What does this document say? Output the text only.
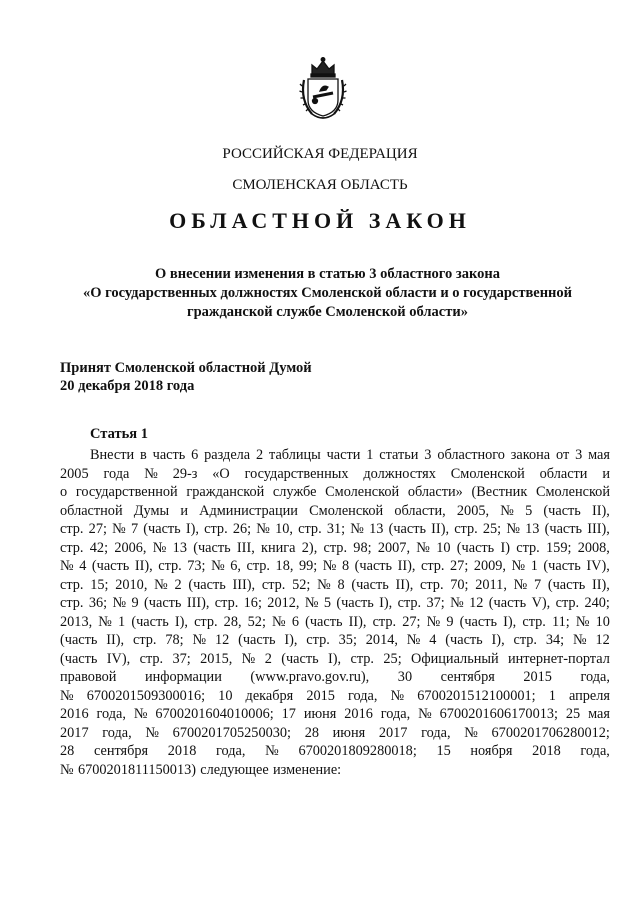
РОССИЙСКАЯ ФЕДЕРАЦИЯ
СМОЛЕНСКАЯ ОБЛАСТЬ
ОБЛАСТНОЙ ЗАКОН
О внесении изменения в статью 3 областного закона
«О государственных должностях Смоленской области и о государственной
гражданской службе Смоленской области»
Принят Смоленской областной Думой
20 декабря 2018 года
Статья 1
Внести в часть 6 раздела 2 таблицы части 1 статьи 3 областного закона от 3 мая
2005 года № 29-з «О государственных должностях Смоленской области и
о государственной гражданской службе Смоленской области» (Вестник Смоленской
областной Думы и Администрации Смоленской области, 2005, № 5 (часть II),
стр. 27; № 7 (часть I), стр. 26; № 10, стр. 31; № 13 (часть II), стр. 25; № 13 (часть III),
стр. 42; 2006, № 13 (часть III, книга 2), стр. 98; 2007, № 10 (часть I) стр. 159; 2008,
№ 4 (часть II), стр. 73; № 6, стр. 18, 99; № 8 (часть II), стр. 27; 2009, № 1 (часть IV),
стр. 15; 2010, № 2 (часть III), стр. 52; № 8 (часть II), стр. 70; 2011, № 7 (часть II),
стр. 36; № 9 (часть III), стр. 16; 2012, № 5 (часть I), стр. 37; № 12 (часть V), стр. 240;
2013, № 1 (часть I), стр. 28, 52; № 6 (часть II), стр. 27; № 9 (часть I), стр. 11; № 10
(часть II), стр. 78; № 12 (часть I), стр. 35; 2014, № 4 (часть I), стр. 34; № 12
(часть IV), стр. 37; 2015, № 2 (часть I), стр. 25; Официальный интернет-портал
правовой информации (www.pravo.gov.ru), 30 сентября 2015 года,
№ 6700201509300016; 10 декабря 2015 года, № 6700201512100001; 1 апреля
2016 года, № 6700201604010006; 17 июня 2016 года, № 6700201606170013; 25 мая
2017 года, № 6700201705250030; 28 июня 2017 года, № 6700201706280012;
28 сентября 2018 года, № 6700201809280018; 15 ноября 2018 года,
№ 6700201811150013) следующее изменение:
